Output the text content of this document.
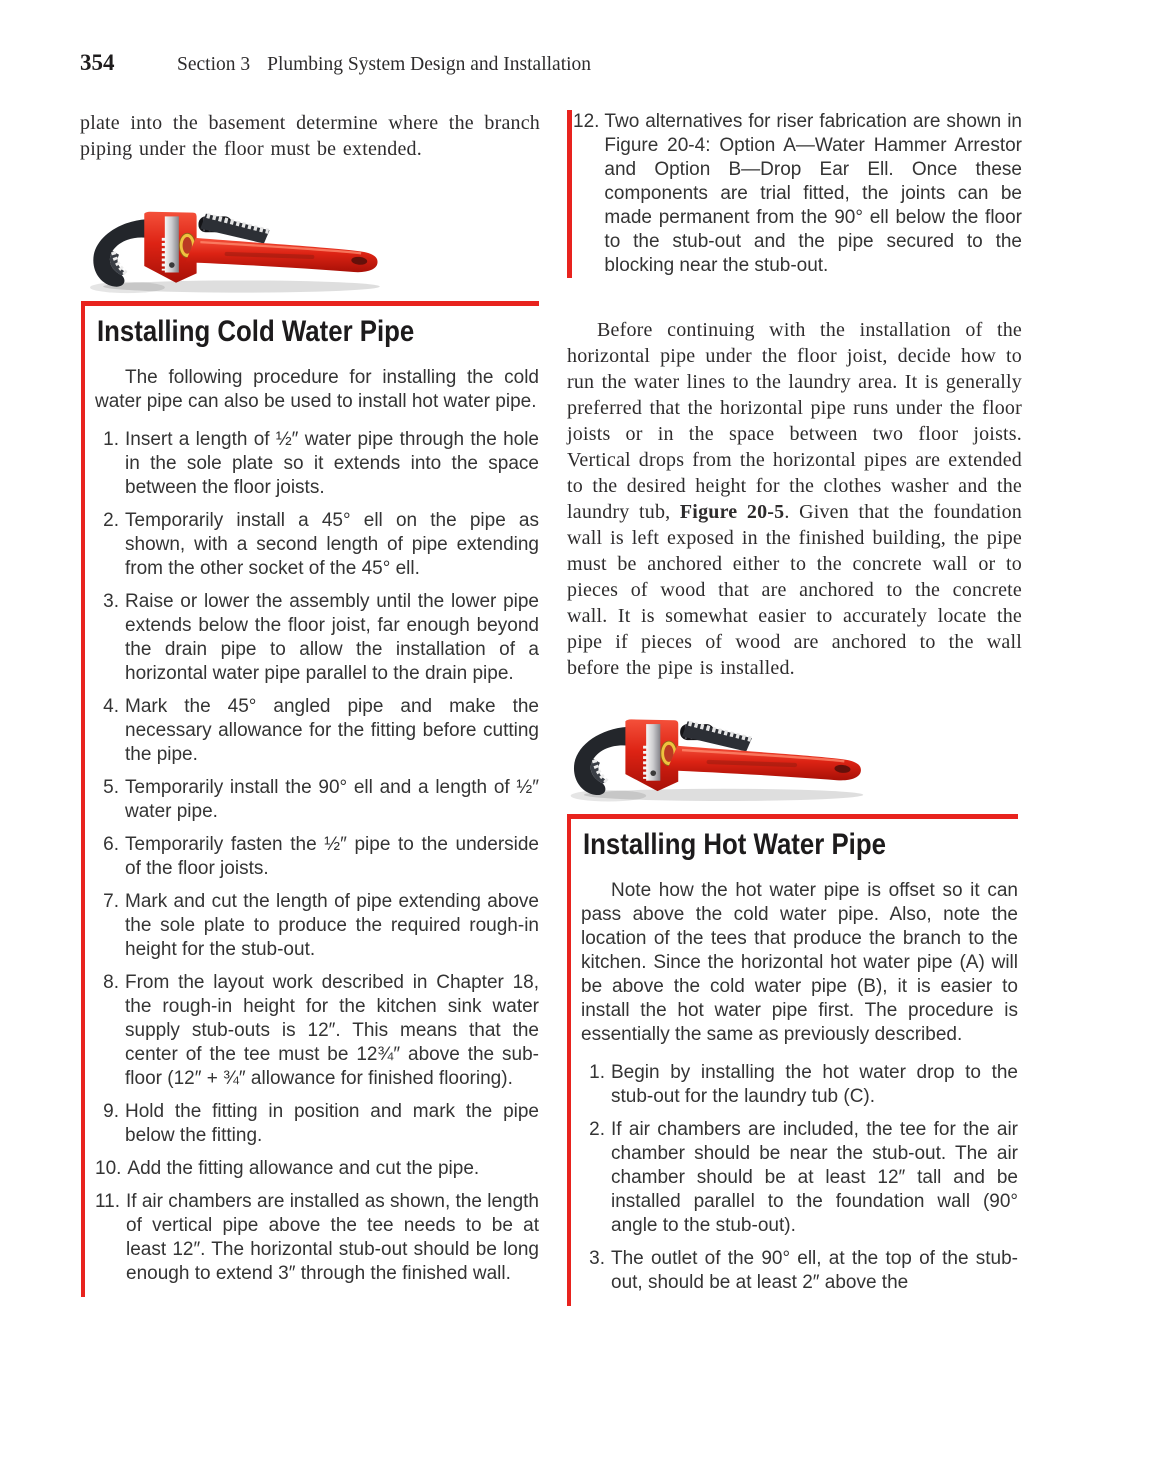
354	Section 3 Plumbing System Design and Installation

plate into the basement determine where the branch piping under the floor must be extended.

Installing Cold Water Pipe

The following procedure for installing the cold water pipe can also be used to install hot water pipe.

1. Insert a length of ½″ water pipe through the hole in the sole plate so it extends into the space between the floor joists.
2. Temporarily install a 45° ell on the pipe as shown, with a second length of pipe extending from the other socket of the 45° ell.
3. Raise or lower the assembly until the lower pipe extends below the floor joist, far enough beyond the drain pipe to allow the installation of a horizontal water pipe parallel to the drain pipe.
4. Mark the 45° angled pipe and make the necessary allowance for the fitting before cutting the pipe.
5. Temporarily install the 90° ell and a length of ½″ water pipe.
6. Temporarily fasten the ½″ pipe to the underside of the floor joists.
7. Mark and cut the length of pipe extending above the sole plate to produce the required rough-in height for the stub-out.
8. From the layout work described in Chapter 18, the rough-in height for the kitchen sink water supply stub-outs is 12″. This means that the center of the tee must be 12¾″ above the sub-floor (12″ + ¾″ allowance for finished flooring).
9. Hold the fitting in position and mark the pipe below the fitting.
10. Add the fitting allowance and cut the pipe.
11. If air chambers are installed as shown, the length of vertical pipe above the tee needs to be at least 12″. The horizontal stub-out should be long enough to extend 3″ through the finished wall.
12. Two alternatives for riser fabrication are shown in Figure 20-4: Option A—Water Hammer Arrestor and Option B—Drop Ear Ell. Once these components are trial fitted, the joints can be made permanent from the 90° ell below the floor to the stub-out and the pipe secured to the blocking near the stub-out.

Before continuing with the installation of the horizontal pipe under the floor joist, decide how to run the water lines to the laundry area. It is generally preferred that the horizontal pipe runs under the floor joists or in the space between two floor joists. Vertical drops from the horizontal pipes are extended to the desired height for the clothes washer and the laundry tub, Figure 20-5. Given that the foundation wall is left exposed in the finished building, the pipe must be anchored either to the concrete wall or to pieces of wood that are anchored to the concrete wall. It is somewhat easier to accurately locate the pipe if pieces of wood are anchored to the wall before the pipe is installed.

Installing Hot Water Pipe

Note how the hot water pipe is offset so it can pass above the cold water pipe. Also, note the location of the tees that produce the branch to the kitchen. Since the horizontal hot water pipe (A) will be above the cold water pipe (B), it is easier to install the hot water pipe first. The procedure is essentially the same as previously described.

1. Begin by installing the hot water drop to the stub-out for the laundry tub (C).
2. If air chambers are included, the tee for the air chamber should be near the stub-out. The air chamber should be at least 12″ tall and be installed parallel to the foundation wall (90° angle to the stub-out).
3. The outlet of the 90° ell, at the top of the stub-out, should be at least 2″ above the
